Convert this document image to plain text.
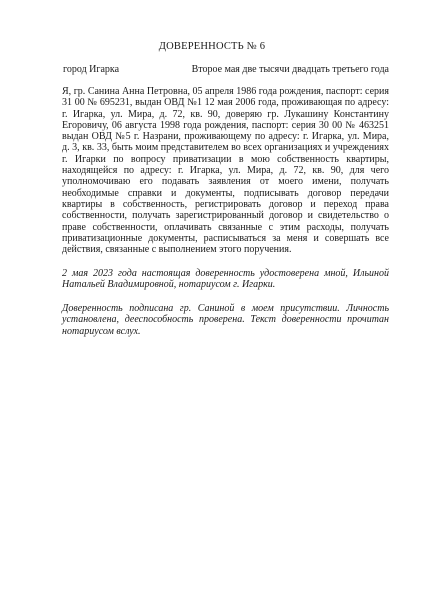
ДОВЕРЕННОСТЬ № 6
город Игарка	Второе мая две тысячи двадцать третьего года

Я, гр. Санина Анна Петровна, 05 апреля 1986 года рождения, паспорт: серия 31 00 № 695231, выдан ОВД №1 12 мая 2006 года, проживающая по адресу: г. Игарка, ул. Мира, д. 72, кв. 90, доверяю гр. Лукашину Константину Егоровичу, 06 августа 1998 года рождения, паспорт: серия 30 00 № 463251 выдан ОВД №5 г. Назрани, проживающему по адресу: г. Игарка, ул. Мира, д. 3, кв. 33, быть моим представителем во всех организациях и учреждениях г. Игарки по вопросу приватизации в мою собственность квартиры, находящейся по адресу: г. Игарка, ул. Мира, д. 72, кв. 90, для чего уполномочиваю его подавать заявления от моего имени, получать необходимые справки и документы, подписывать договор передачи квартиры в собственность, регистрировать договор и переход права собственности, получать зарегистрированный договор и свидетельство о праве собственности, оплачивать связанные с этим расходы, получать приватизационные документы, расписываться за меня и совершать все действия, связанные с выполнением этого поручения.

2 мая 2023 года настоящая доверенность удостоверена мной, Ильиной Натальей Владимировной, нотариусом г. Игарки.

Доверенность подписана гр. Саниной в моем присутствии. Личность установлена, дееспособность проверена. Текст доверенности прочитан нотариусом вслух.
